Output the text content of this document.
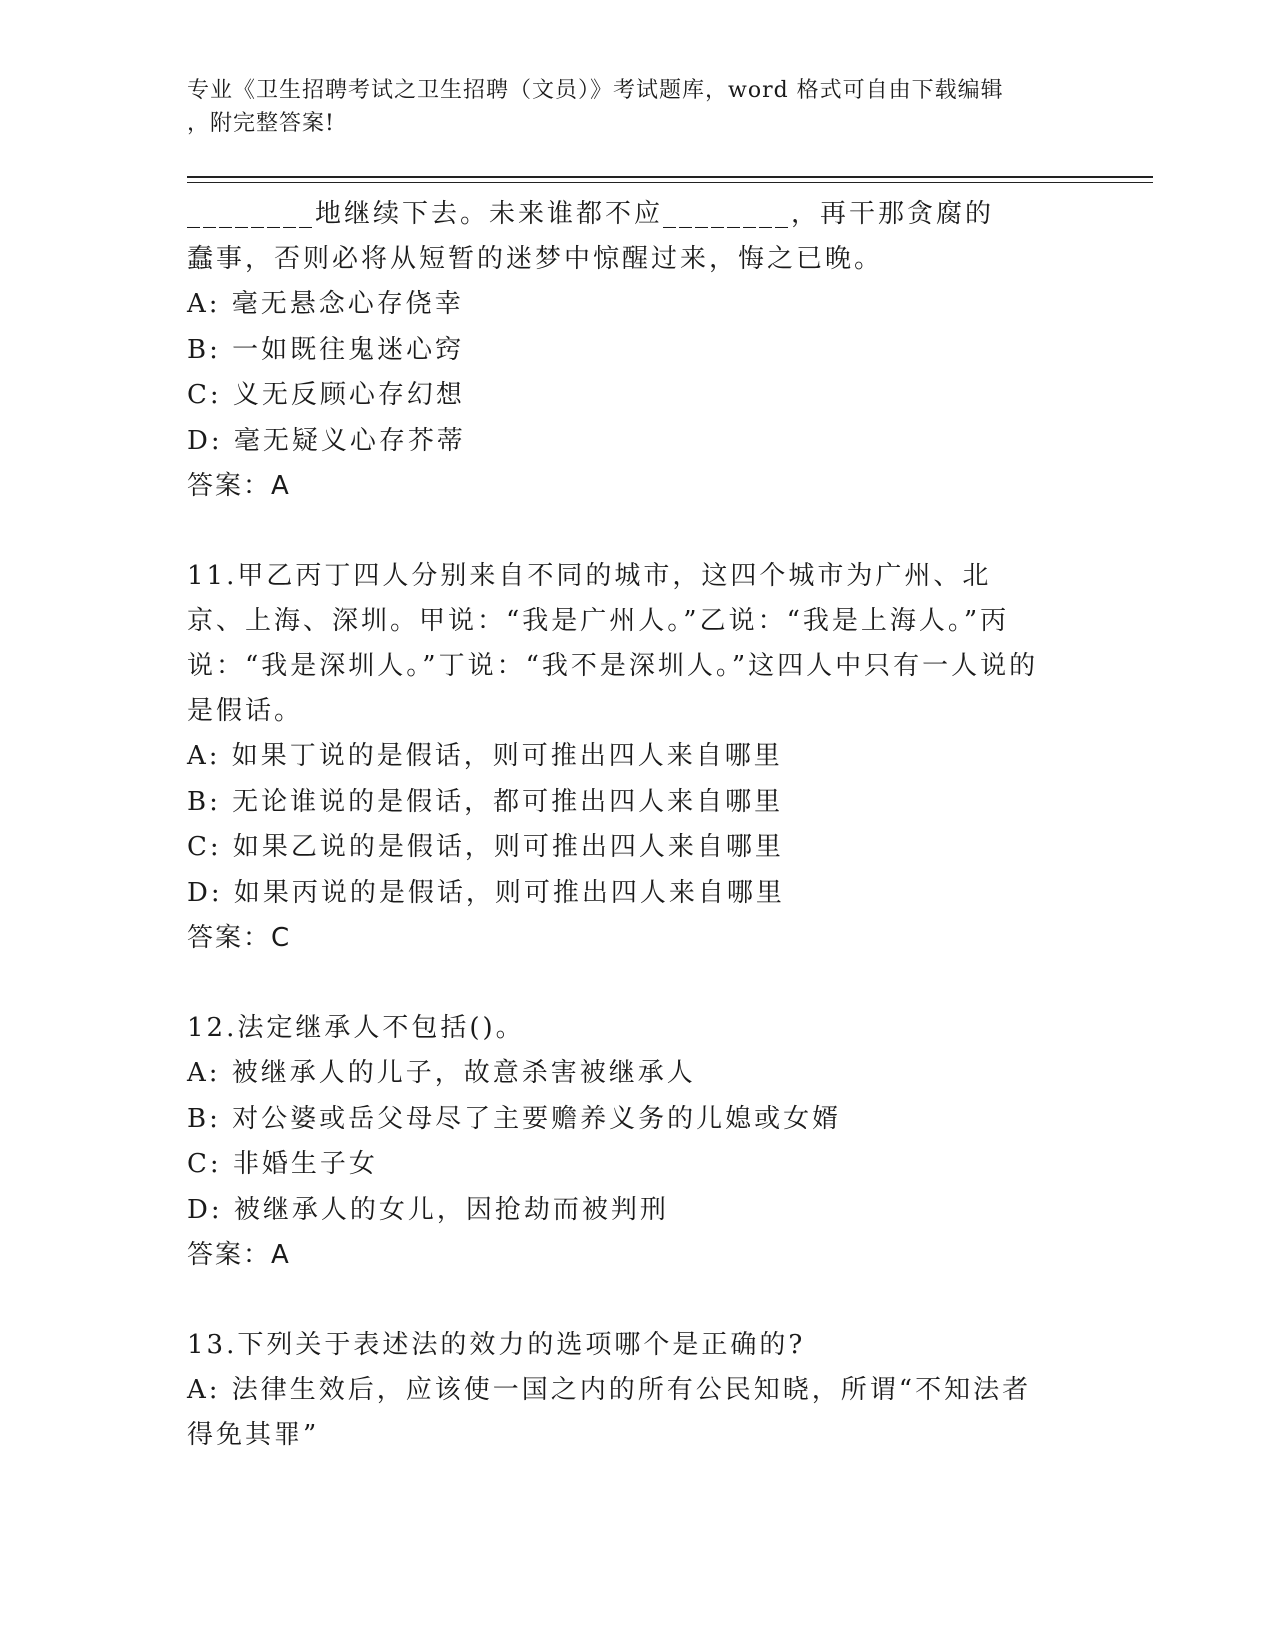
专业《卫生招聘考试之卫生招聘（文员）》考试题库，word 格式可自由下载编辑
，附完整答案!

________地继续下去。未来谁都不应________，再干那贪腐的蠢事，否则必将从短暂的迷梦中惊醒过来，悔之已晚。

A: 毫无悬念心存侥幸

B: 一如既往鬼迷心窍

C: 义无反顾心存幻想

D: 毫无疑义心存芥蒂

答案：A

11.甲乙丙丁四人分别来自不同的城市，这四个城市为广州、北京、上海、深圳。甲说：“我是广州人。”乙说：“我是上海人。”丙说：“我是深圳人。”丁说：“我不是深圳人。”这四人中只有一人说的是假话。

A: 如果丁说的是假话，则可推出四人来自哪里

B: 无论谁说的是假话，都可推出四人来自哪里

C: 如果乙说的是假话，则可推出四人来自哪里

D: 如果丙说的是假话，则可推出四人来自哪里

答案：C

12.法定继承人不包括()。

A: 被继承人的儿子，故意杀害被继承人

B: 对公婆或岳父母尽了主要赡养义务的儿媳或女婿

C: 非婚生子女

D: 被继承人的女儿，因抢劫而被判刑

答案：A

13.下列关于表述法的效力的选项哪个是正确的?

A: 法律生效后，应该使一国之内的所有公民知晓，所谓“不知法者得免其罪”
